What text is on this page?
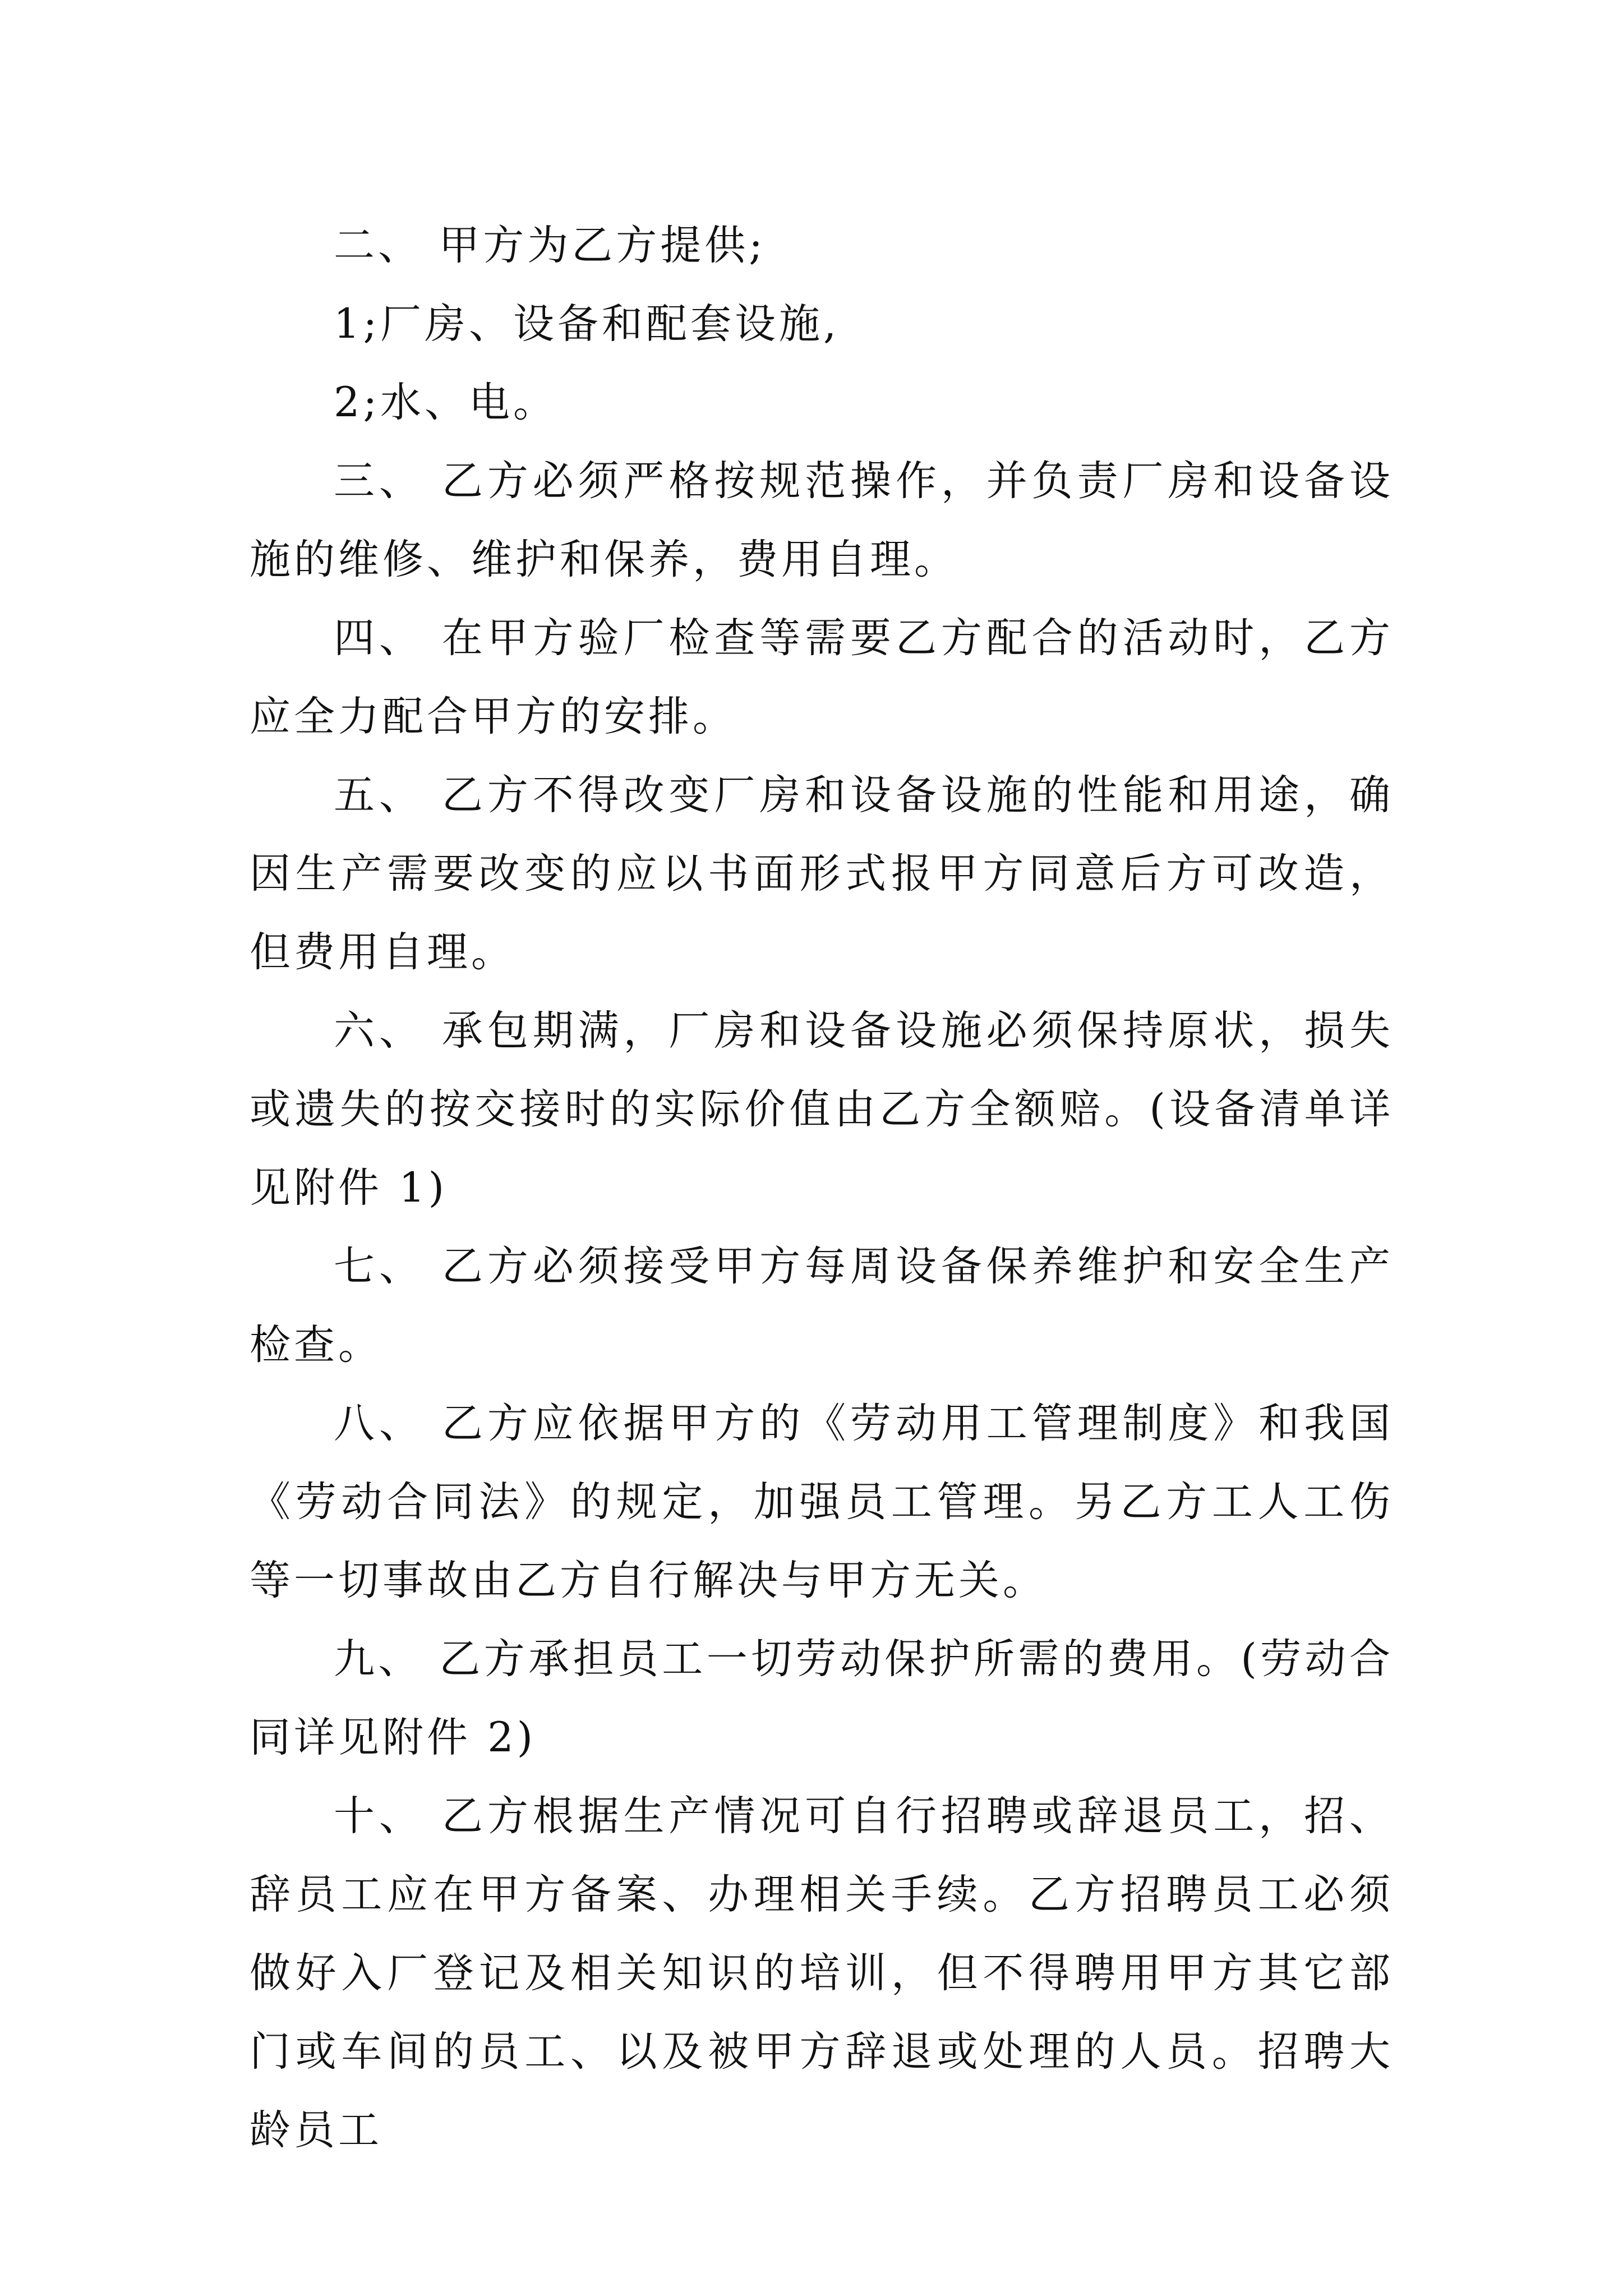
二、 甲方为乙方提供;

1;厂房、设备和配套设施,

2;水、电。

三、 乙方必须严格按规范操作，并负责厂房和设备设施的维修、维护和保养，费用自理。

四、 在甲方验厂检查等需要乙方配合的活动时，乙方应全力配合甲方的安排。

五、 乙方不得改变厂房和设备设施的性能和用途，确因生产需要改变的应以书面形式报甲方同意后方可改造，但费用自理。

六、 承包期满，厂房和设备设施必须保持原状，损失或遗失的按交接时的实际价值由乙方全额赔。(设备清单详见附件 1)

七、 乙方必须接受甲方每周设备保养维护和安全生产检查。

八、 乙方应依据甲方的《劳动用工管理制度》和我国《劳动合同法》的规定，加强员工管理。另乙方工人工伤等一切事故由乙方自行解决与甲方无关。

九、 乙方承担员工一切劳动保护所需的费用。(劳动合同详见附件 2)

十、 乙方根据生产情况可自行招聘或辞退员工，招、辞员工应在甲方备案、办理相关手续。乙方招聘员工必须做好入厂登记及相关知识的培训，但不得聘用甲方其它部门或车间的员工、以及被甲方辞退或处理的人员。招聘大龄员工
